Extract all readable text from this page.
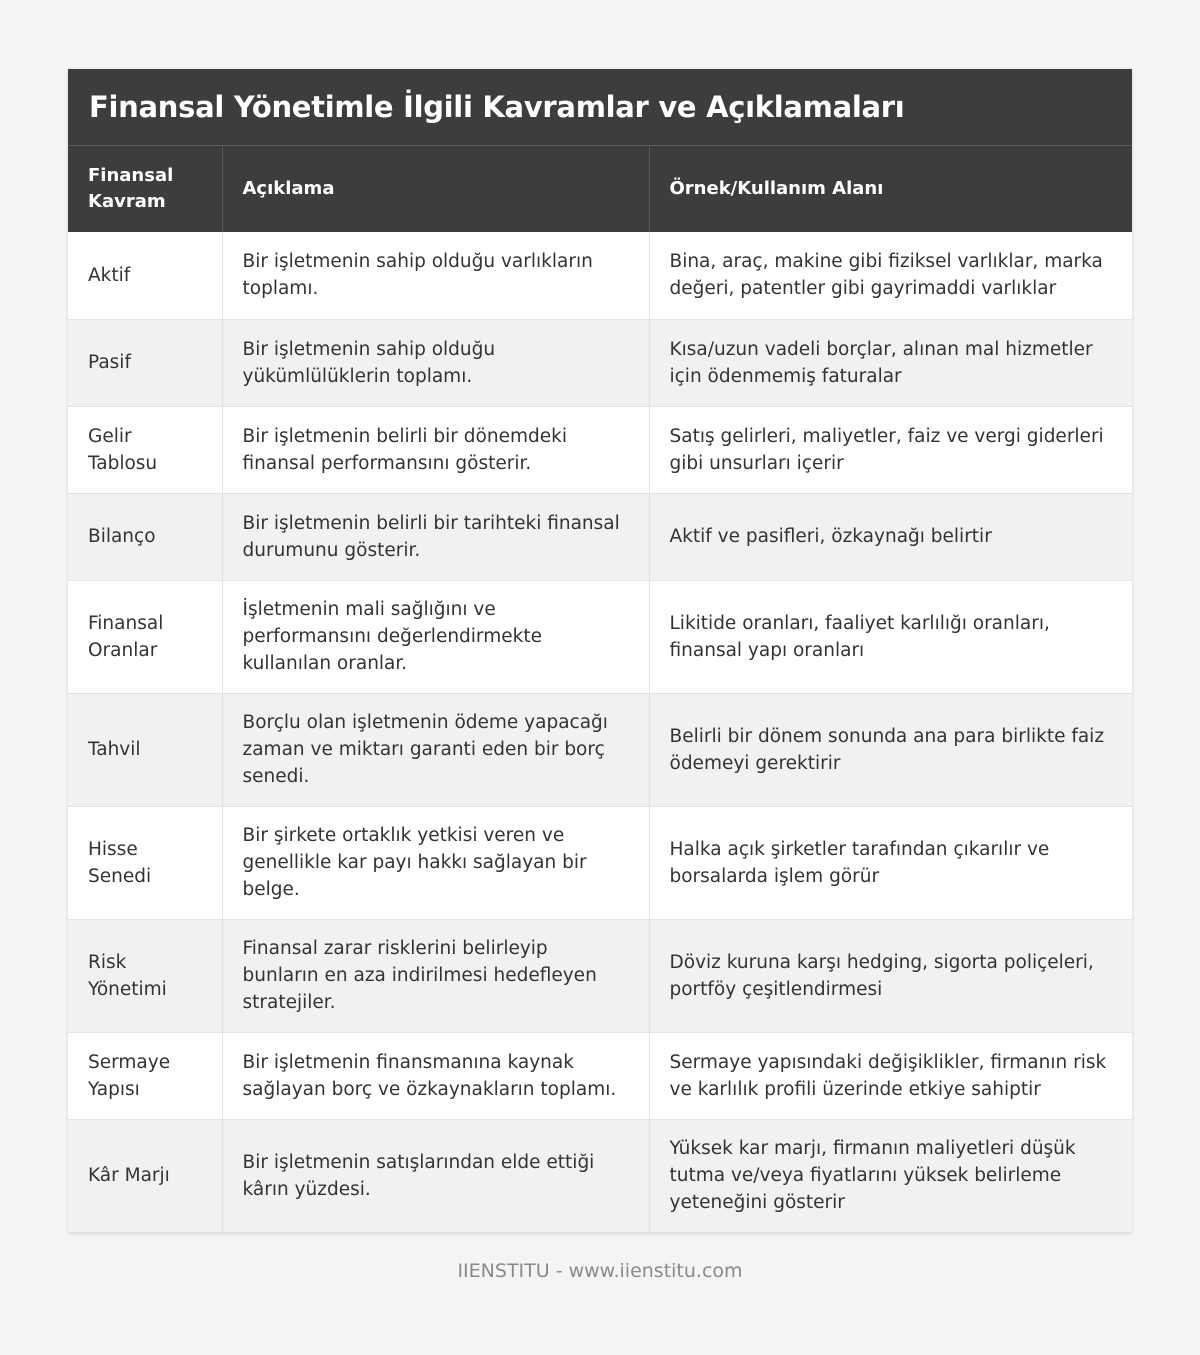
Finansal Yönetimle İlgili Kavramlar ve Açıklamaları
Finansal Kavram	Açıklama	Örnek/Kullanım Alanı
Aktif	Bir işletmenin sahip olduğu varlıkların toplamı.	Bina, araç, makine gibi fiziksel varlıklar, marka değeri, patentler gibi gayrimaddi varlıklar
Pasif	Bir işletmenin sahip olduğu yükümlülüklerin toplamı.	Kısa/uzun vadeli borçlar, alınan mal hizmetler için ödenmemiş faturalar
Gelir Tablosu	Bir işletmenin belirli bir dönemdeki finansal performansını gösterir.	Satış gelirleri, maliyetler, faiz ve vergi giderleri gibi unsurları içerir
Bilanço	Bir işletmenin belirli bir tarihteki finansal durumunu gösterir.	Aktif ve pasifleri, özkaynağı belirtir
Finansal Oranlar	İşletmenin mali sağlığını ve performansını değerlendirmekte kullanılan oranlar.	Likitide oranları, faaliyet karlılığı oranları, finansal yapı oranları
Tahvil	Borçlu olan işletmenin ödeme yapacağı zaman ve miktarı garanti eden bir borç senedi.	Belirli bir dönem sonunda ana para birlikte faiz ödemeyi gerektirir
Hisse Senedi	Bir şirkete ortaklık yetkisi veren ve genellikle kar payı hakkı sağlayan bir belge.	Halka açık şirketler tarafından çıkarılır ve borsalarda işlem görür
Risk Yönetimi	Finansal zarar risklerini belirleyip bunların en aza indirilmesi hedefleyen stratejiler.	Döviz kuruna karşı hedging, sigorta poliçeleri, portföy çeşitlendirmesi
Sermaye Yapısı	Bir işletmenin finansmanına kaynak sağlayan borç ve özkaynakların toplamı.	Sermaye yapısındaki değişiklikler, firmanın risk ve karlılık profili üzerinde etkiye sahiptir
Kâr Marjı	Bir işletmenin satışlarından elde ettiği kârın yüzdesi.	Yüksek kar marjı, firmanın maliyetleri düşük tutma ve/veya fiyatlarını yüksek belirleme yeteneğini gösterir
IIENSTITU - www.iienstitu.com
